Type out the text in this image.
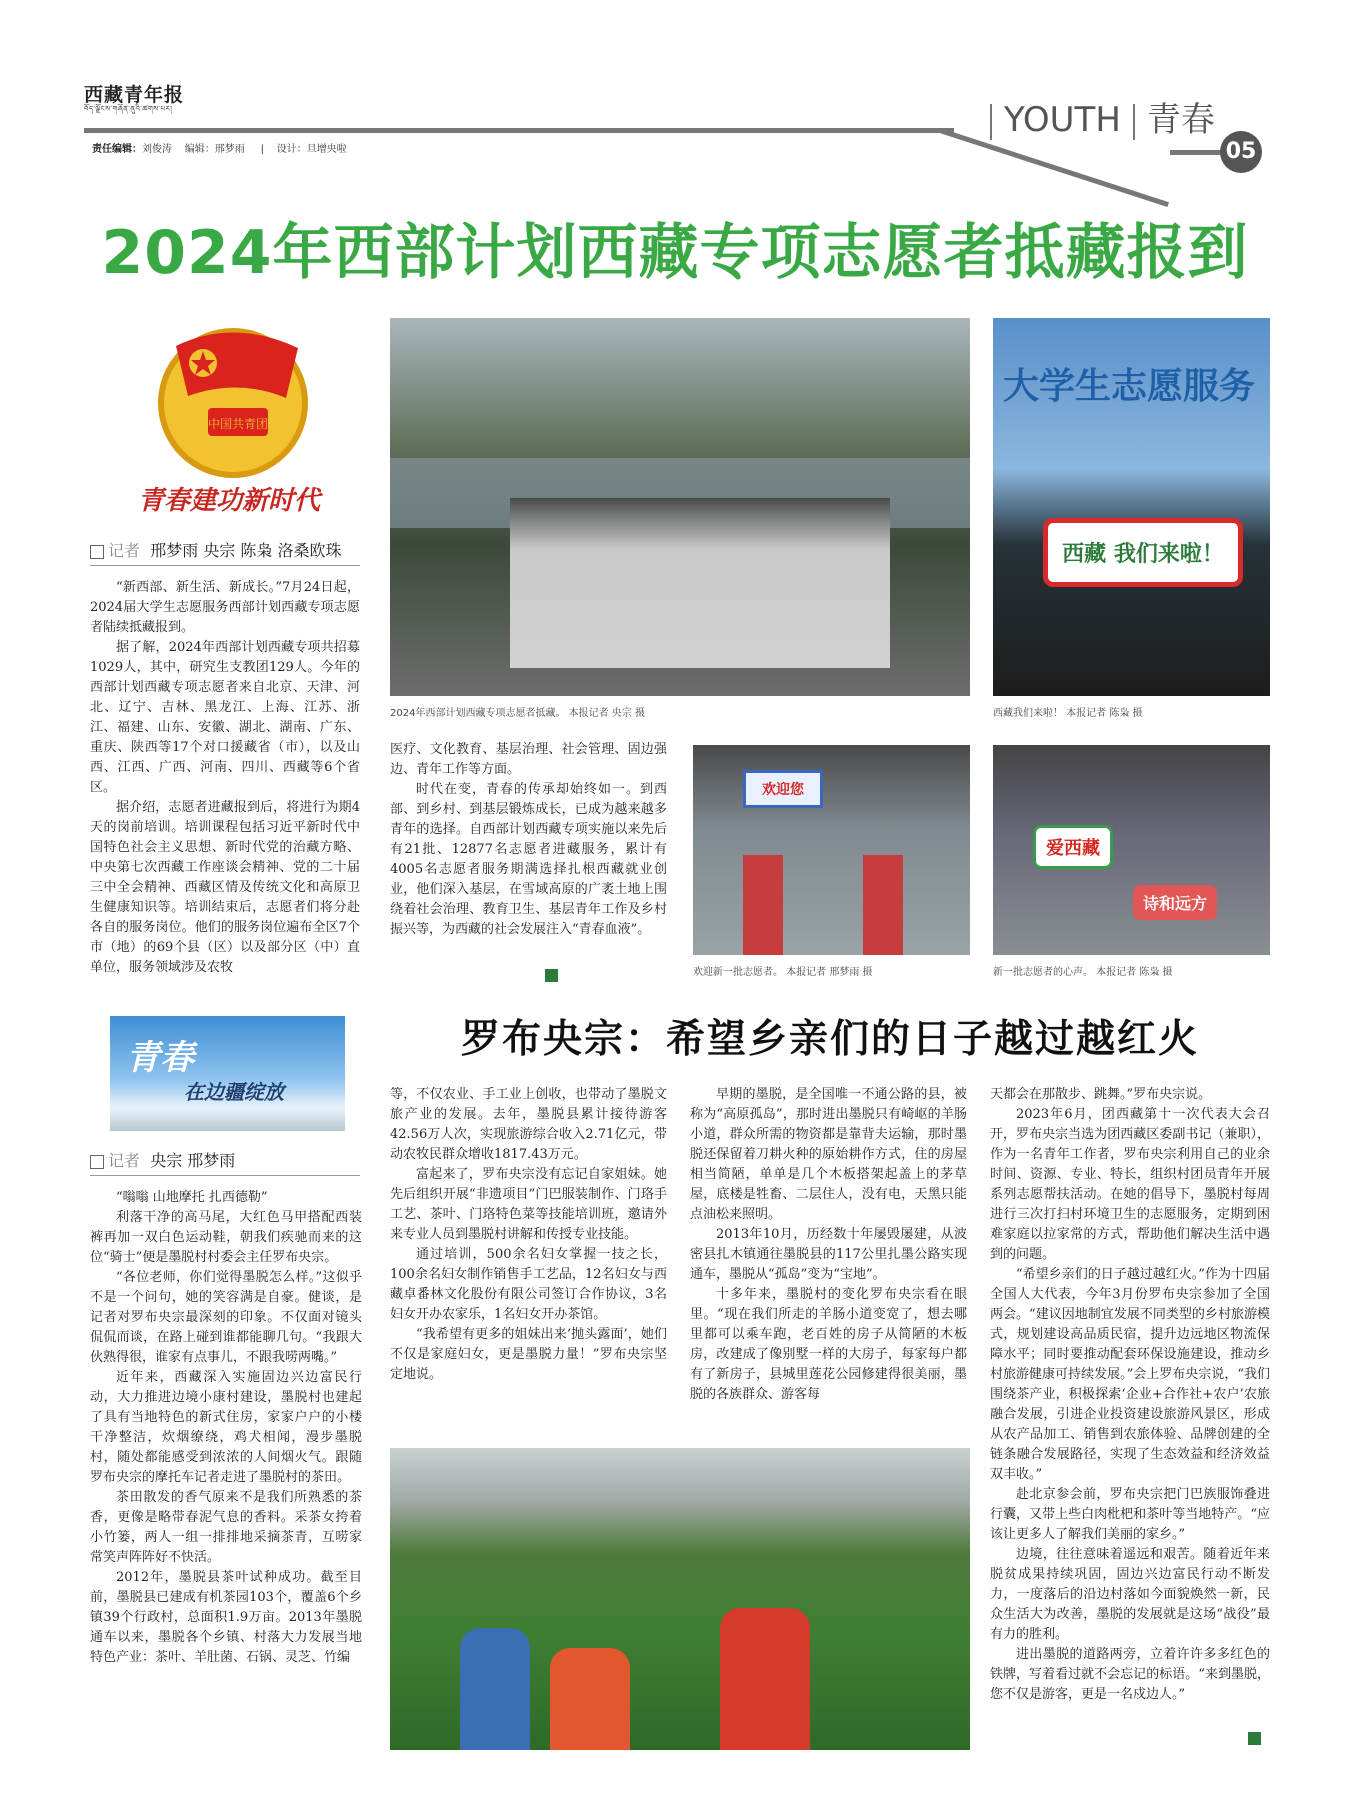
西藏青年报
བོད་ལྗོངས་གཞོན་ནུའི་ཚགས་པར།
责任编辑：刘俊涛 编辑：邢梦雨     |    设计：旦增央啦
YOUTH 青春
05
2024年西部计划西藏专项志愿者抵藏报到
中国共青团
青春建功新时代
记者 邢梦雨 央宗 陈枭 洛桑欧珠

“新西部、新生活、新成长。”7月24日起，2024届大学生志愿服务西部计划西藏专项志愿者陆续抵藏报到。

据了解，2024年西部计划西藏专项共招募1029人，其中，研究生支教团129人。今年的西部计划西藏专项志愿者来自北京、天津、河北、辽宁、吉林、黑龙江、上海、江苏、浙江、福建、山东、安徽、湖北、湖南、广东、重庆、陕西等17个对口援藏省（市），以及山西、江西、广西、河南、四川、西藏等6个省区。

据介绍，志愿者进藏报到后，将进行为期4天的岗前培训。培训课程包括习近平新时代中国特色社会主义思想、新时代党的治藏方略、中央第七次西藏工作座谈会精神、党的二十届三中全会精神、西藏区情及传统文化和高原卫生健康知识等。培训结束后，志愿者们将分赴各自的服务岗位。他们的服务岗位遍布全区7个市（地）的69个县（区）以及部分区（中）直单位，服务领域涉及农牧

2024年西部计划西藏专项志愿者抵藏。 本报记者 央宗 摄
大学生志愿服务
西藏 我们来啦！
西藏我们来啦！ 本报记者 陈枭 摄

医疗、文化教育、基层治理、社会管理、固边强边、青年工作等方面。

时代在变，青春的传承却始终如一。到西部、到乡村、到基层锻炼成长，已成为越来越多青年的选择。自西部计划西藏专项实施以来先后有21批、12877名志愿者进藏服务，累计有4005名志愿者服务期满选择扎根西藏就业创业，他们深入基层，在雪域高原的广袤土地上围绕着社会治理、教育卫生、基层青年工作及乡村振兴等，为西藏的社会发展注入“青春血液”。

欢迎您
欢迎新一批志愿者。 本报记者 邢梦雨 摄
爱西藏
诗和远方
新一批志愿者的心声。 本报记者 陈枭 摄
青春
在边疆绽放
罗布央宗：希望乡亲们的日子越过越红火
记者 央宗 邢梦雨

“嗡嗡 山地摩托 扎西德勒”

利落干净的高马尾，大红色马甲搭配西装裤再加一双白色运动鞋，朝我们疾驰而来的这位“骑士”便是墨脱村村委会主任罗布央宗。

“各位老师，你们觉得墨脱怎么样。”这似乎不是一个问句，她的笑容满是自豪。健谈，是记者对罗布央宗最深刻的印象。不仅面对镜头侃侃而谈，在路上碰到谁都能聊几句。“我跟大伙熟得很，谁家有点事儿，不跟我唠两嘴。”

近年来，西藏深入实施固边兴边富民行动，大力推进边境小康村建设，墨脱村也建起了具有当地特色的新式住房，家家户户的小楼干净整洁，炊烟缭绕，鸡犬相闻，漫步墨脱村，随处都能感受到浓浓的人间烟火气。跟随罗布央宗的摩托车记者走进了墨脱村的茶田。

茶田散发的香气原来不是我们所熟悉的茶香，更像是略带春泥气息的香料。采茶女挎着小竹篓，两人一组一排排地采摘茶青，互唠家常笑声阵阵好不快活。

2012年，墨脱县茶叶试种成功。截至目前，墨脱县已建成有机茶园103个，覆盖6个乡镇39个行政村，总面积1.9万亩。2013年墨脱通车以来，墨脱各个乡镇、村落大力发展当地特色产业：茶叶、羊肚菌、石锅、灵芝、竹编

等，不仅农业、手工业上创收，也带动了墨脱文旅产业的发展。去年，墨脱县累计接待游客42.56万人次，实现旅游综合收入2.71亿元，带动农牧民群众增收1817.43万元。

富起来了，罗布央宗没有忘记自家姐妹。她先后组织开展“非遗项目”门巴服装制作、门珞手工艺、茶叶、门珞特色菜等技能培训班，邀请外来专业人员到墨脱村讲解和传授专业技能。

通过培训，500余名妇女掌握一技之长，100余名妇女制作销售手工艺品，12名妇女与西藏卓番林文化股份有限公司签订合作协议，3名妇女开办农家乐，1名妇女开办茶馆。

“我希望有更多的姐妹出来‘抛头露面’，她们不仅是家庭妇女，更是墨脱力量！”罗布央宗坚定地说。

早期的墨脱，是全国唯一不通公路的县，被称为“高原孤岛”，那时进出墨脱只有崎岖的羊肠小道，群众所需的物资都是靠背夫运输，那时墨脱还保留着刀耕火种的原始耕作方式，住的房屋相当简陋，单单是几个木板搭架起盖上的茅草屋，底楼是牲畜、二层住人，没有电，天黑只能点油松来照明。

2013年10月，历经数十年屡毁屡建，从波密县扎木镇通往墨脱县的117公里扎墨公路实现通车，墨脱从“孤岛”变为“宝地”。

十多年来，墨脱村的变化罗布央宗看在眼里。“现在我们所走的羊肠小道变宽了，想去哪里都可以乘车跑，老百姓的房子从简陋的木板房，改建成了像别墅一样的大房子，每家每户都有了新房子，县城里莲花公园修建得很美丽，墨脱的各族群众、游客每

天都会在那散步、跳舞。”罗布央宗说。

2023年6月，团西藏第十一次代表大会召开，罗布央宗当选为团西藏区委副书记（兼职），作为一名青年工作者，罗布央宗利用自己的业余时间、资源、专业、特长，组织村团员青年开展系列志愿帮扶活动。在她的倡导下，墨脱村每周进行三次打扫村环境卫生的志愿服务，定期到困难家庭以拉家常的方式，帮助他们解决生活中遇到的问题。

“希望乡亲们的日子越过越红火。”作为十四届全国人大代表，今年3月份罗布央宗参加了全国两会。“建议因地制宜发展不同类型的乡村旅游模式，规划建设高品质民宿，提升边远地区物流保障水平；同时要推动配套环保设施建设，推动乡村旅游健康可持续发展。”会上罗布央宗说，“我们围绕茶产业，积极探索‘企业+合作社+农户’农旅融合发展，引进企业投资建设旅游风景区，形成从农产品加工、销售到农旅体验、品牌创建的全链条融合发展路径，实现了生态效益和经济效益双丰收。”

赴北京参会前，罗布央宗把门巴族服饰叠进行囊，又带上些白肉枇杷和茶叶等当地特产。“应该让更多人了解我们美丽的家乡。”

边境，往往意味着遥远和艰苦。随着近年来脱贫成果持续巩固，固边兴边富民行动不断发力，一度落后的沿边村落如今面貌焕然一新，民众生活大为改善，墨脱的发展就是这场“战役”最有力的胜利。

进出墨脱的道路两旁，立着许许多多红色的铁牌，写着看过就不会忘记的标语。“来到墨脱，您不仅是游客，更是一名戍边人。”
